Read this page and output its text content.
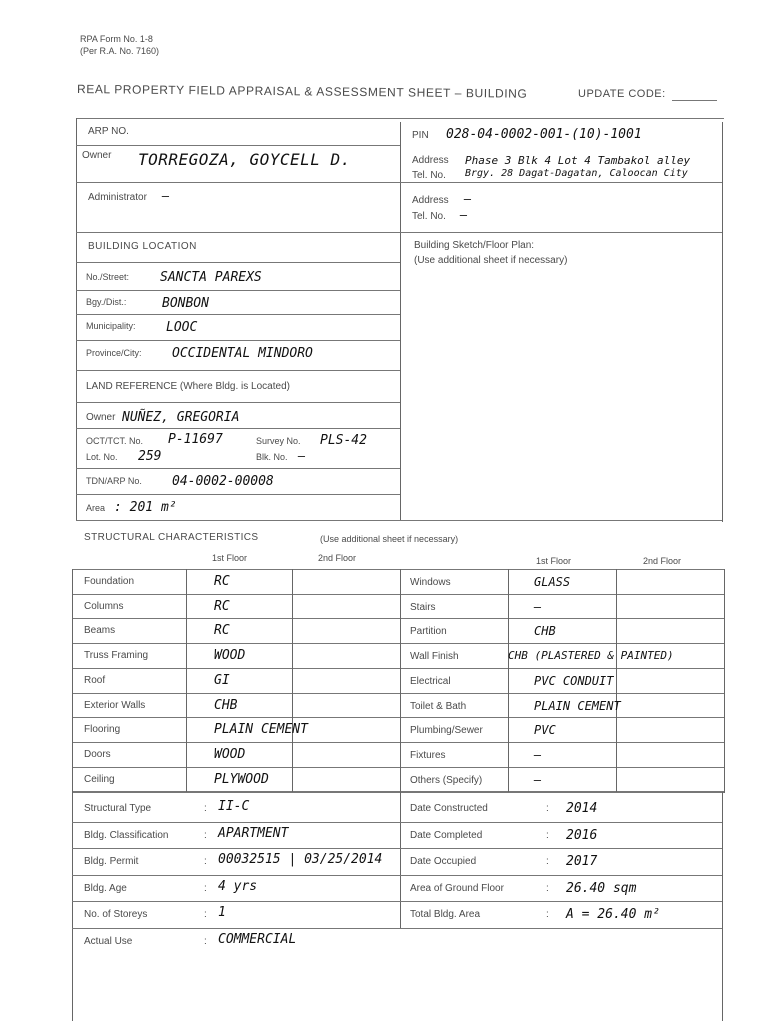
RPA Form No. 1-8
(Per R.A. No. 7160)
REAL PROPERTY FIELD APPRAISAL & ASSESSMENT SHEET – BUILDING	UPDATE CODE:
ARP NO.	PIN 028-04-0002-001-(10)-1001
Owner TORREGOZA, GOYCELL D.	Address Phase 3 Blk 4 Lot 4 Tambakol alley
Tel. No. Brgy. 28 Dagat-Dagatan, Caloocan City
Administrator —	Address —
Tel. No. –
BUILDING LOCATION	Building Sketch/Floor Plan:
(Use additional sheet if necessary)
No./Street: SANCTA PAREXS
Bgy./Dist.:	BONBON
Municipality: LOOC
Province/City: OCCIDENTAL MINDORO
LAND REFERENCE (Where Bldg. is Located)
Owner NUÑEZ, GREGORIA
OCT/TCT. No. P-11697	Survey No. PLS-42
Lot. No. 259	Blk. No. —
TDN/ARP No. 04-0002-00008
Area : 201 m²
STRUCTURAL CHARACTERISTICS	(Use additional sheet if necessary)
1st Floor	2nd Floor	1st Floor	2nd Floor
Foundation	RC
Columns	RC
Beams	RC
Truss Framing	WOOD
Roof	GI
Exterior Walls	CHB
Flooring	PLAIN CEMENT
Doors	WOOD
Ceiling	PLYWOOD
Windows	GLASS
Stairs	—
Partition	CHB
Wall Finish	CHB (PLASTERED & PAINTED)
Electrical	PVC CONDUIT
Toilet & Bath	PLAIN CEMENT
Plumbing/Sewer	PVC
Fixtures	—
Others (Specify)	—
Structural Type	: II-C
Bldg. Classification	: APARTMENT
Bldg. Permit	: 00032515 | 03/25/2014
Bldg. Age	: 4 yrs
No. of Storeys	: 1
Actual Use	: COMMERCIAL
Date Constructed	: 2014
Date Completed	: 2016
Date Occupied	: 2017
Area of Ground Floor	: 26.40 sqm
Total Bldg. Area	: A = 26.40 m²
